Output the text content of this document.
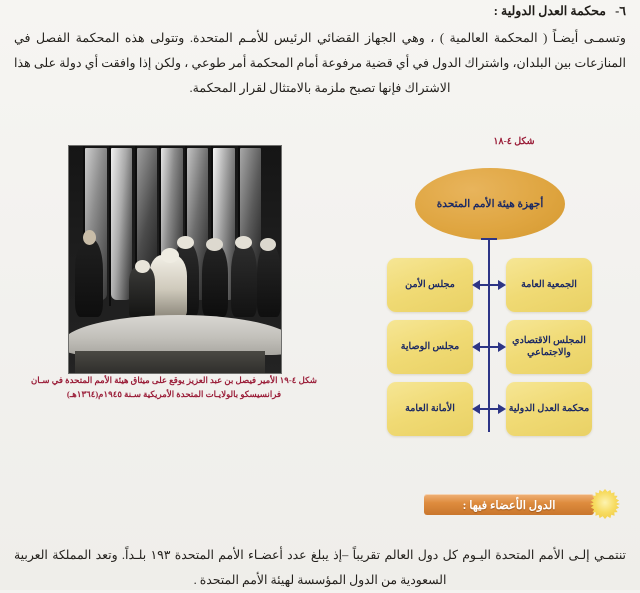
٦- محكمة العدل الدولية :
وتسمـى أيضـاً ( المحكمة العالمية ) ، وهي الجهاز القضائي الرئيس للأمـم المتحدة. وتتولى هذه المحكمة الفصل في المنازعات بين البلدان، واشتراك الدول في أي قضية مرفوعة أمام المحكمة أمر طوعي ، ولكن إذا وافقت أي دولة على هذا الاشتراك فإنها تصبح ملزمة بالامتثال لقرار المحكمة.
شكل ٤-١٩ الأمير فيصل بن عبد العزيز يوقع على ميثاق هيئة الأمم المتحدة في سـان فرانسيسكو بالولايـات المتحدة الأمريكية سـنة ١٩٤٥م(١٣٦٤هـ)
شكل ٤-١٨
أجهزة هيئة الأمم المتحدة
الجمعية العامة
مجلس الأمن
المجلس الاقتصادي والاجتماعي
مجلس الوصاية
محكمة العدل الدولية
الأمانة العامة
الدول الأعضاء فيها :
تنتمـي إلـى الأمم المتحدة اليـوم كل دول العالم تقريباً –إذ يبلغ عدد أعضـاء الأمم المتحدة ١٩٣ بلـداً. وتعد المملكة العربية السعودية من الدول المؤسسة لهيئة الأمم المتحدة .
